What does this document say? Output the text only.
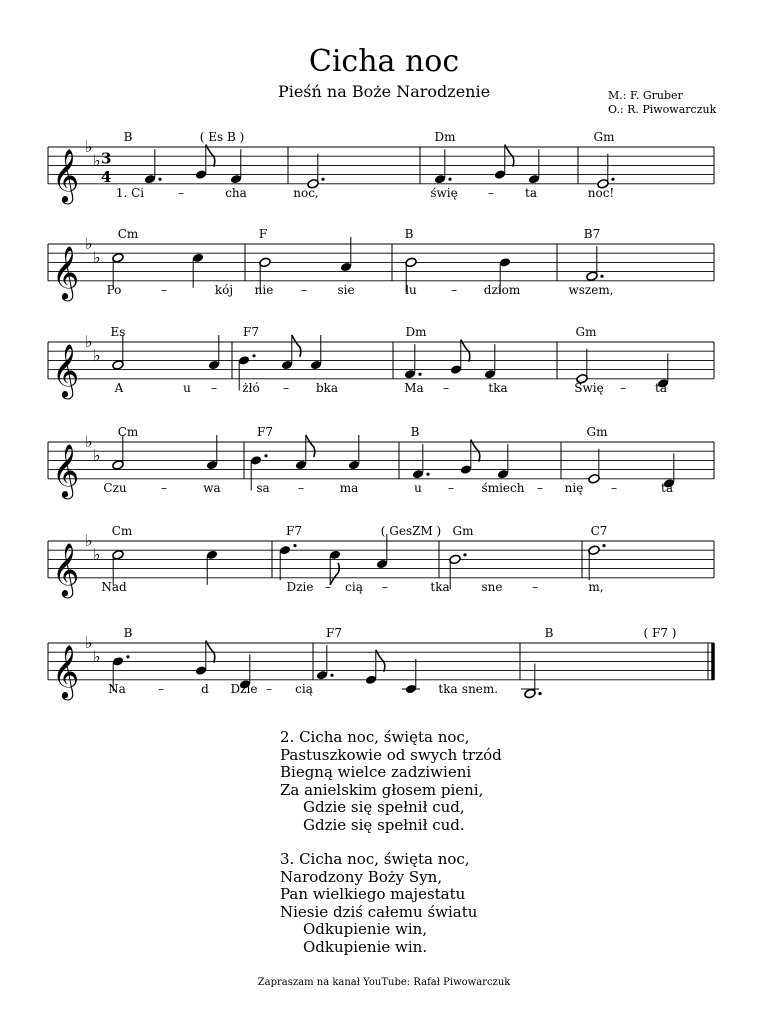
Cicha noc
Pieśń na Boże Narodzenie	M.: F. Gruber
O.: R. Piwowarczuk
𝄞
♭
♭ 3
4
B	( Es B )	Dm	Gm
1. Ci	–	cha	noc,	świę	–	ta	noc!
𝄞
♭
♭
Cm	F	B	B7
Po	–	kój nie –	sie	lu	– dziom	wszem,
𝄞
♭
♭
Es	F7	Dm	Gm
A	u – żłó – bka	Ma –	tka	Świę – ta
𝄞
♭
♭
Cm	F7	B	Gm
Czu	–	wa	sa –	ma	u – śmiech – nię –	ta
𝄞
♭
♭
Cm	F7	( GesZM ) Gm	C7
Nad	Dzie – cią –	tka	sne –	m,
𝄞
♭
♭
B	F7	B	( F7 )
Na	–	d Dzie – cią	– tka snem.
2. Cicha noc, święta noc,
Pastuszkowie od swych trzód
Biegną wielce zadziwieni
Za anielskim głosem pieni,
Gdzie się spełnił cud,
Gdzie się spełnił cud.
3. Cicha noc, święta noc,
Narodzony Boży Syn,
Pan wielkiego majestatu
Niesie dziś całemu światu
Odkupienie win,
Odkupienie win.
Zapraszam na kanał YouTube: Rafał Piwowarczuk
